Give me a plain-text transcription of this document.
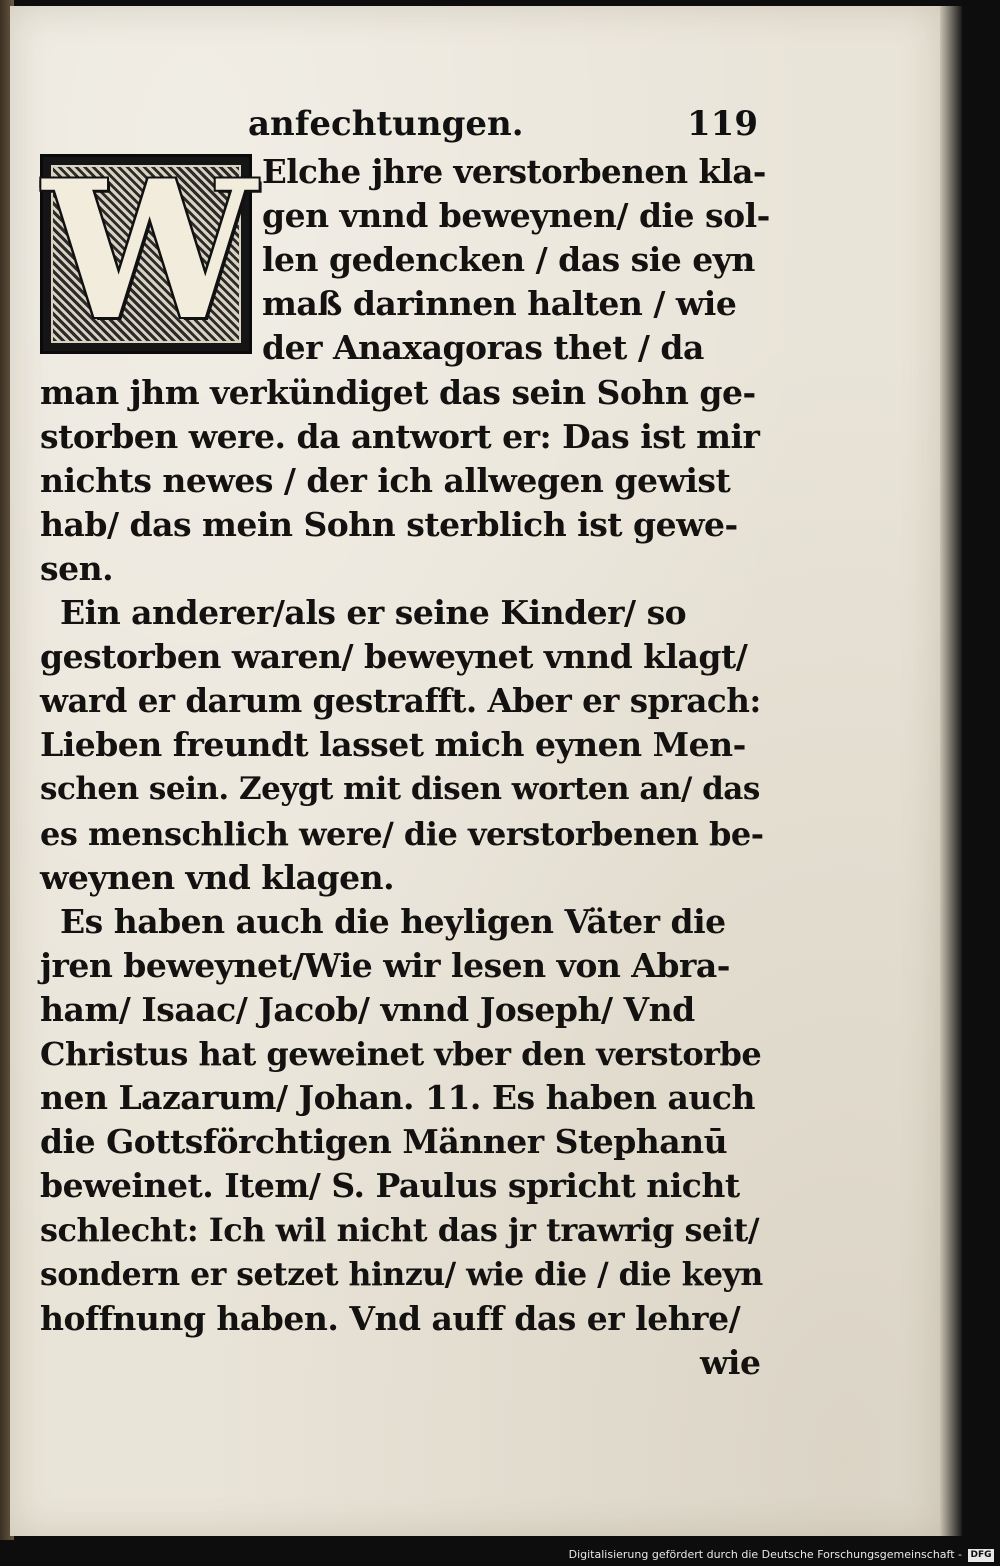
anfechtungen.	119
W Elche jhre verstorbenen kla-
gen vnnd beweynen/ die sol-
len gedencken / das sie eyn
maß darinnen halten / wie
der Anaxagoras thet / da
man jhm verkündiget das sein Sohn ge-
storben were. da antwort er: Das ist mir
nichts newes / der ich allwegen gewist
hab/ das mein Sohn sterblich ist gewe-
sen.
Ein anderer/als er seine Kinder/ so
gestorben waren/ beweynet vnnd klagt/
ward er darum gestrafft. Aber er sprach:
Lieben freundt lasset mich eynen Men-
schen sein. Zeygt mit disen worten an/ das
es menschlich were/ die verstorbenen be-
weynen vnd klagen.
Es haben auch die heyligen Väter die
jren beweynet/Wie wir lesen von Abra-
ham/ Isaac/ Jacob/ vnnd Joseph/ Vnd
Christus hat geweinet vber den verstorbe
nen Lazarum/ Johan. 11. Es haben auch
die Gottsförchtigen Männer Stephanū
beweinet. Item/ S. Paulus spricht nicht
schlecht: Ich wil nicht das jr trawrig seit/
sondern er setzet hinzu/ wie die / die keyn
hoffnung haben. Vnd auff das er lehre/
wie
Digitalisierung gefördert durch die Deutsche Forschungsgemeinschaft - DFG
